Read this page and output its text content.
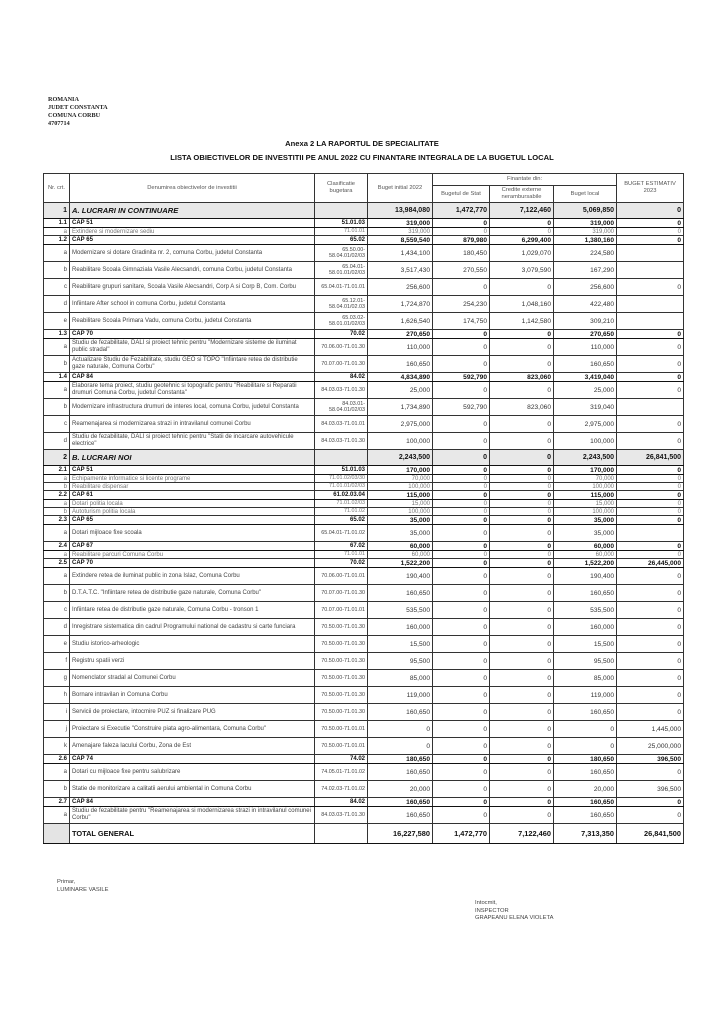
ROMANIA
JUDET CONSTANTA
COMUNA CORBU
4707714
Anexa 2 LA RAPORTUL DE SPECIALITATE
LISTA OBIECTIVELOR DE INVESTITII PE ANUL 2022 CU FINANTARE INTEGRALA DE LA BUGETUL LOCAL
Nr. crt.	Denumirea obiectivelor de investitii	Clasificatie bugetara	Buget initial 2022	Finantate din:			BUGET ESTIMATIV 2023
				Bugetul de Stat	Credite externe nerambursabile	Buget local	
1	A. LUCRARI IN CONTINUARE		13,984,080	1,472,770	7,122,460	5,069,850	0
1.1	CAP 51	51.01.03	319,000	0	0	319,000	0
a	Extindere si modernizare sediu	71.01.01	319,000	0	0	319,000	0
1.2	CAP 65	65.02	8,559,540	879,980	6,299,400	1,380,160	0
a	Modernizare si dotare Gradinita nr. 2, comuna Corbu, judetul Constanta	65.50.00-58.04.01/02/03	1,434,100	180,450	1,029,070	224,580	
b	Reabilitare Scoala Gimnaziala Vasile Alecsandri, comuna Corbu, judetul Constanta	65.04.01-58.01.01/02/03	3,517,430	270,550	3,079,590	167,290	
c	Reabilitare grupuri sanitare, Scoala Vasile Alecsandri, Corp A si Corp B, Com. Corbu	65.04.01-71.01.01	256,600	0	0	256,600	0
d	Infiintare After school in comuna Corbu, judetul Constanta	65.12.01-58.04.01/02.03	1,724,870	254,230	1,048,160	422,480	
e	Reabilitare Scoala Primara Vadu, comuna Corbu, judetul Constanta	65.03.02-58.01.01/02/03	1,626,540	174,750	1,142,580	309,210	
1.3	CAP 70	70.02	270,650	0	0	270,650	0
a	Studiu de fezabilitate, DALI si proiect tehnic pentru "Modernizare sisteme de iluminat public stradal"	70.06.00-71.01.30	110,000	0	0	110,000	0
b	Actualizare Studiu de Fezabilitate, studiu GEO si TOPO "Infiintare retea de distributie gaze naturale, Comuna Corbu"	70.07.00-71.01.30	160,650	0	0	160,650	0
1.4	CAP 84	84.02	4,834,890	592,790	823,060	3,419,040	0
a	Elaborare tema proiect, studiu geotehnic si topografic pentru "Reabilitare si Reparatii drumuri Comuna Corbu, judetul Constanta"	84.03.03-71.01.30	25,000	0	0	25,000	0
b	Modernizare infrastructura drumuri de interes local, comuna Corbu, judetul Constanta	84.03.01-58.04.01/02/03	1,734,890	592,790	823,060	319,040	
c	Reamenajarea si modernizarea strazi in intravilanul comunei Corbu	84.03.03-71.01.01	2,975,000	0	0	2,975,000	0
d	Studiu de fezabilitate, DALI si proiect tehnic pentru "Statii de incarcare autovehicule electrice"	84.03.03-71.01.30	100,000	0	0	100,000	0
2	B. LUCRARI NOI		2,243,500	0	0	2,243,500	26,841,500
2.1	CAP 51	51.01.03	170,000	0	0	170,000	0
a	Echipamente informatice si licente programe	71.01.02/03/30	70,000	0	0	70,000	0
b	Reabilitare dispensar	71.01.01/02/03	100,000	0	0	100,000	0
2.2	CAP 61	61.02.03.04	115,000	0	0	115,000	0
a	Dotari politia locala	71.01.02/03	15,000	0	0	15,000	0
b	Autoturism politia locala	71.01.02	100,000	0	0	100,000	0
2.3	CAP 65	65.02	35,000	0	0	35,000	0
a	Dotari mijloace fixe scoala	65.04.01-71.01.02	35,000	0	0	35,000	
2.4	CAP 67	67.02	60,000	0	0	60,000	0
a	Reabilitare parcuri Comuna Corbu	71.01.01	60,000	0	0	60,000	0
2.5	CAP 70	70.02	1,522,200	0	0	1,522,200	26,445,000
a	Extindere retea de iluminat public in zona Islaz, Comuna Corbu	70.06.00-71.01.01	190,400	0	0	190,400	0
b	D.T.A.T.C. "Infiintare retea de distributie gaze naturale, Comuna Corbu"	70.07.00-71.01.30	160,650	0	0	160,650	0
c	Infiintare retea de distributie gaze naturale, Comuna Corbu - tronson 1	70.07.00-71.01.01	535,500	0	0	535,500	0
d	Inregistrare sistematica din cadrul Programului national de cadastru si carte funciara	70.50.00-71.01.30	160,000	0	0	160,000	0
e	Studiu istorico-arheologic	70.50.00-71.01.30	15,500	0	0	15,500	0
f	Registru spatii verzi	70.50.00-71.01.30	95,500	0	0	95,500	0
g	Nomenclator stradal al Comunei Corbu	70.50.00-71.01.30	85,000	0	0	85,000	0
h	Bornare intravilan in Comuna Corbu	70.50.00-71.01.30	119,000	0	0	119,000	0
i	Servicii de proiectare, intocmire PUZ si finalizare PUG	70.50.00-71.01.30	160,650	0	0	160,650	0
j	Proiectare si Executie "Construire piata agro-alimentara, Comuna Corbu"	70.50.00-71.01.01	0	0	0	0	1,445,000
k	Amenajare faleza lacului Corbu, Zona de Est	70.50.00-71.01.01	0	0	0	0	25,000,000
2.6	CAP 74	74.02	180,650	0	0	180,650	396,500
a	Dotari cu mijloace fixe pentru salubrizare	74.05.01-71.01.02	160,650	0	0	160,650	0
b	Statie de monitorizare a calitatii aerului ambiental in Comuna Corbu	74.02.03-71.01.02	20,000	0	0	20,000	396,500
2.7	CAP 84	84.02	160,650	0	0	160,650	0
a	Studiu de fezabilitate pentru "Reamenajarea si modernizarea strazi in intravilanul comunei Corbu"	84.03.03-71.01.30	160,650	0	0	160,650	0
	TOTAL GENERAL		16,227,580	1,472,770	7,122,460	7,313,350	26,841,500
Primar,
LUMINARE VASILE
Intocmit,
INSPECTOR
GRAPEANU ELENA VIOLETA
